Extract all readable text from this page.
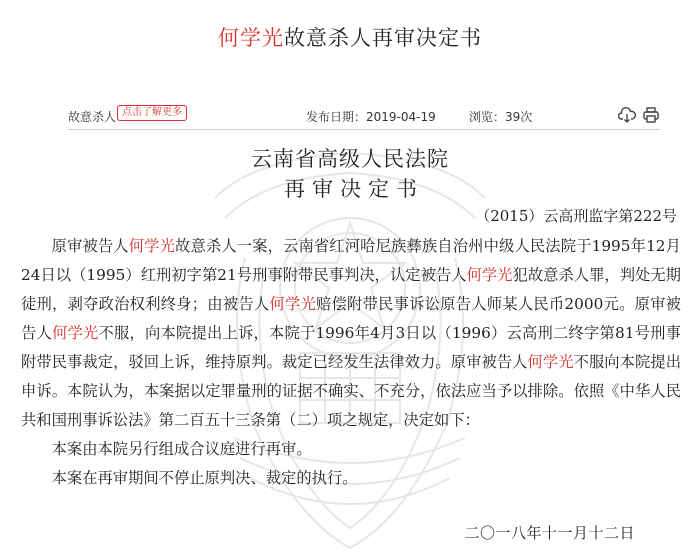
何学光故意杀人再审决定书
故意杀人 点击了解更多	发布日期：2019-04-19	浏览：39次
云南省高级人民法院
再审决定书
（2015）云高刑监字第222号

原审被告人何学光故意杀人一案，云南省红河哈尼族彝族自治州中级人民法院于1995年12月24日以（1995）红刑初字第21号刑事附带民事判决，认定被告人何学光犯故意杀人罪，判处无期徒刑，剥夺政治权利终身；由被告人何学光赔偿附带民事诉讼原告人师某人民币2000元。原审被告人何学光不服，向本院提出上诉，本院于1996年4月3日以（1996）云高刑二终字第81号刑事附带民事裁定，驳回上诉，维持原判。裁定已经发生法律效力。原审被告人何学光不服向本院提出申诉。本院认为，本案据以定罪量刑的证据不确实、不充分，依法应当予以排除。依照《中华人民共和国刑事诉讼法》第二百五十三条第（二）项之规定，决定如下：

本案由本院另行组成合议庭进行再审。

本案在再审期间不停止原判决、裁定的执行。

二〇一八年十一月十二日
